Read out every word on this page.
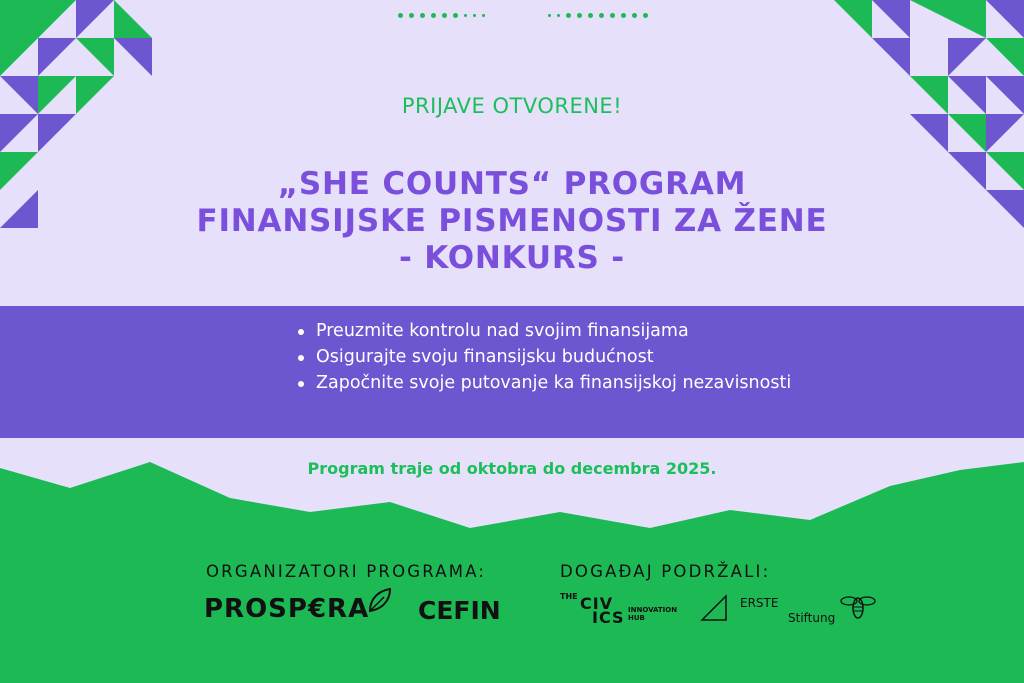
PRIJAVE OTVORENE!
„SHE COUNTS“ PROGRAM
FINANSIJSKE PISMENOSTI ZA ŽENE
- KONKURS -
Preuzmite kontrolu nad svojim finansijama
Osigurajte svoju finansijsku budućnost
Započnite svoje putovanje ka finansijskoj nezavisnosti
Program traje od oktobra do decembra 2025.
ORGANIZATORI PROGRAMA:	DOGAĐAJ PODRŽALI:
PROSP€RA CEFIN	THE CIV
ICS INNOVATION HUB
ERSTE
Stiftung
